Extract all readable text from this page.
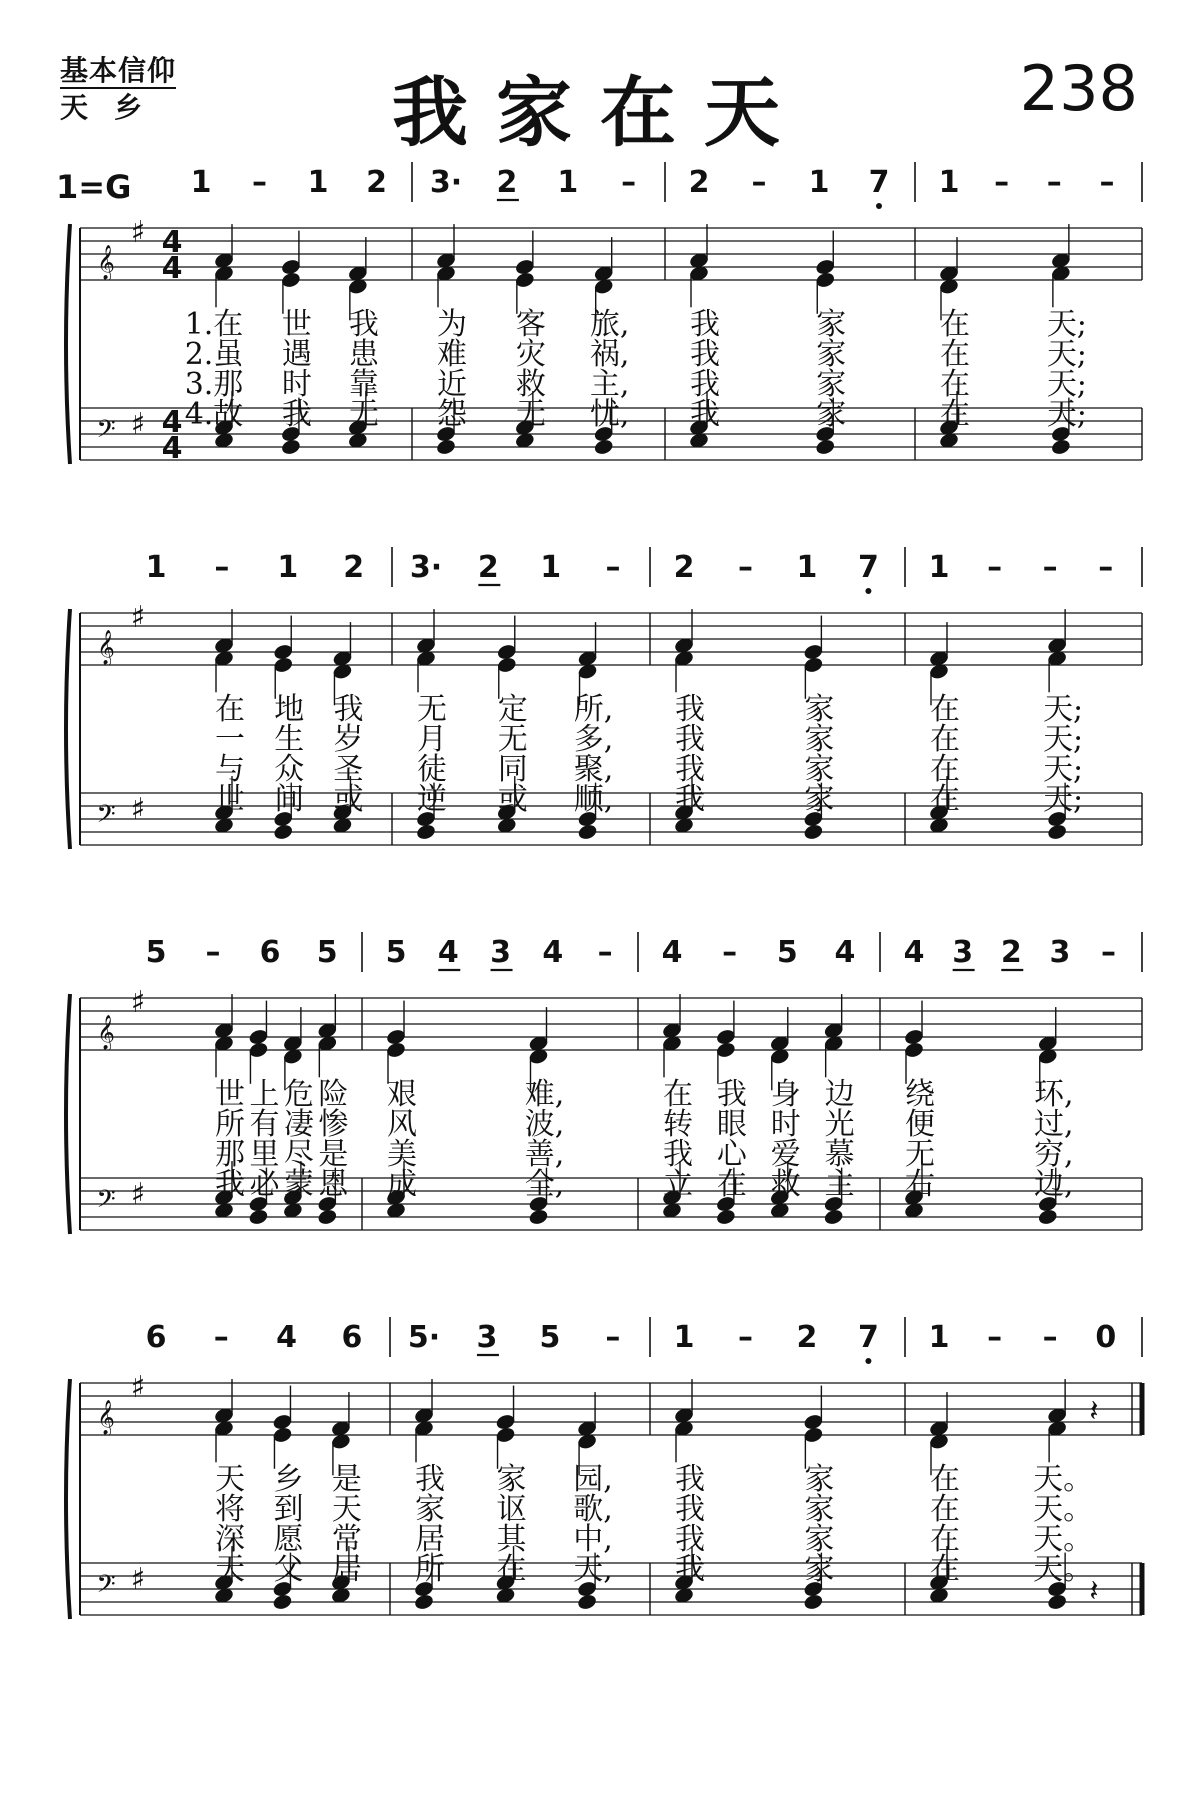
基本信仰
天乡	我家在天	238
1=G 1 – 1 2 3· 2 1 – 2 – 1 7 1 – – –
𝄞
♯ 4
4
𝄢 ♯ 4
4
1.在 世 我 为 客 旅, 我	家	在	天;
2.虽 遇 患 难 灾 祸, 我	家	在	天;
3.那 时 靠 近 救 主, 我	家	在	天;
4.故 我 无 怨 无 忧, 我	家	在	天;
1 – 1 2 3· 2 1 – 2 – 1 7 1 – – –
𝄞
♯
𝄢 ♯
在 地 我 无 定 所, 我	家	在	天;
一 生 岁 月 无 多, 我	家	在	天;
与 众 圣 徒 同 聚, 我	家	在	天;
世 间 或 逆 或 顺, 我	家	在	天;
5 – 6 5 5 4 3 4 – 4 – 5 4 4 3 2 3 –
𝄞
♯
𝄢 ♯
世 上 危 险 艰	难,	在 我 身 边 绕	环,
所 有 凄 惨 风	波,	转 眼 时 光 便	过,
那 里 尽 是 美	善,	我 心 爱 慕 无	穷,
我 必 蒙 恩 成	全,	立 在 救 主 右	边,
6 – 4 6 5· 3 5 – 1 – 2 7 1 – – 0
𝄞
♯
𝄢 ♯
𝄽
𝄽
天 乡 是 我 家 园, 我	家	在 天。
将 到 天 家 讴 歌, 我	家	在 天。
深 愿 常 居 其 中, 我	家	在 天。
天 父 居 所 在 天, 我	家	在 天。
